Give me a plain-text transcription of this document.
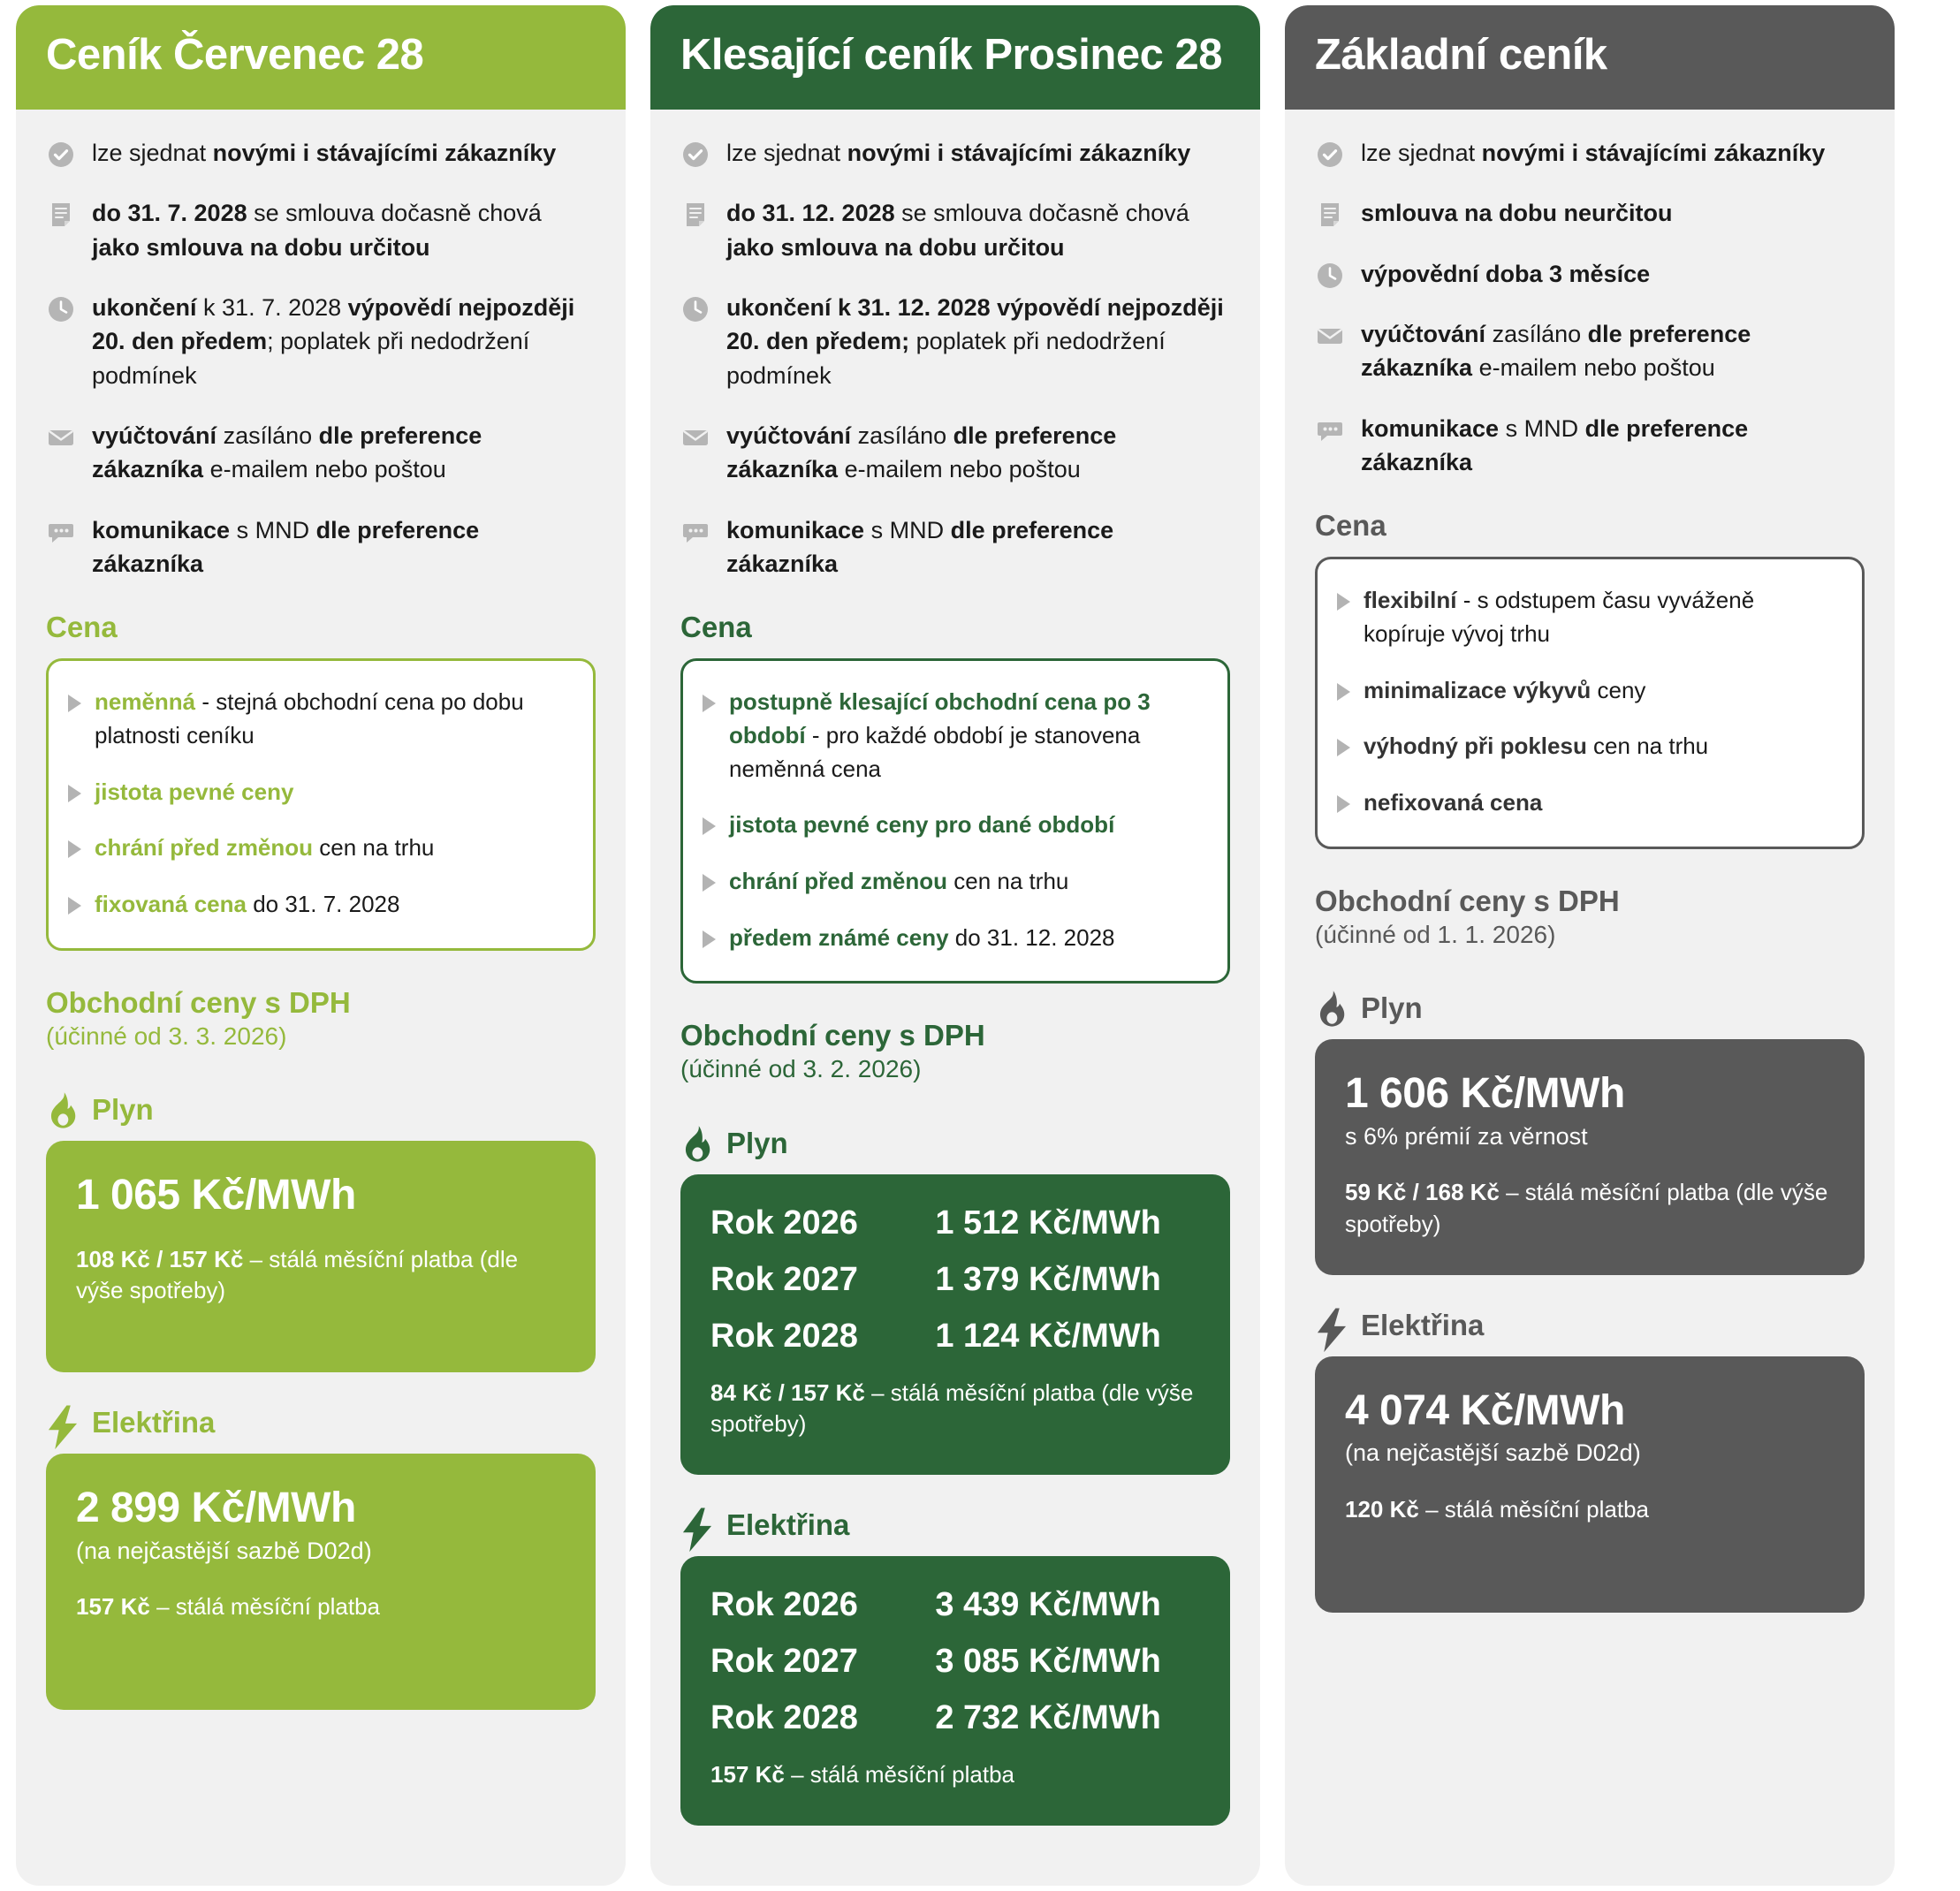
Ceník Červenec 28
lze sjednat novými i stávajícími zákazníky
do 31. 7. 2028 se smlouva dočasně chová jako smlouva na dobu určitou
ukončení k 31. 7. 2028 výpovědí nejpozději 20. den předem; poplatek při nedodržení podmínek
vyúčtování zasíláno dle preference zákazníka e-mailem nebo poštou
komunikace s MND dle preference zákazníka
Cena
neměnná - stejná obchodní cena po dobu platnosti ceníku
jistota pevné ceny
chrání před změnou cen na trhu
fixovaná cena do 31. 7. 2028
Obchodní ceny s DPH
(účinné od 3. 3. 2026)
Plyn
1 065 Kč/MWh
108 Kč / 157 Kč – stálá měsíční platba (dle výše spotřeby)
Elektřina
2 899 Kč/MWh
(na nejčastější sazbě D02d)
157 Kč – stálá měsíční platba
Klesající ceník Prosinec 28
lze sjednat novými i stávajícími zákazníky
do 31. 12. 2028 se smlouva dočasně chová jako smlouva na dobu určitou
ukončení k 31. 12. 2028 výpovědí nejpozději 20. den předem; poplatek při nedodržení podmínek
vyúčtování zasíláno dle preference zákazníka e-mailem nebo poštou
komunikace s MND dle preference zákazníka
Cena
postupně klesající obchodní cena po 3 období - pro každé období je stanovena neměnná cena
jistota pevné ceny pro dané období
chrání před změnou cen na trhu
předem známé ceny do 31. 12. 2028
Obchodní ceny s DPH
(účinné od 3. 2. 2026)
Plyn
Rok 2026	1 512 Kč/MWh
Rok 2027	1 379 Kč/MWh
Rok 2028	1 124 Kč/MWh
84 Kč / 157 Kč – stálá měsíční platba (dle výše spotřeby)
Elektřina
Rok 2026	3 439 Kč/MWh
Rok 2027	3 085 Kč/MWh
Rok 2028	2 732 Kč/MWh
157 Kč – stálá měsíční platba
Základní ceník
lze sjednat novými i stávajícími zákazníky
smlouva na dobu neurčitou
výpovědní doba 3 měsíce
vyúčtování zasíláno dle preference zákazníka e-mailem nebo poštou
komunikace s MND dle preference zákazníka
Cena
flexibilní - s odstupem času vyváženě kopíruje vývoj trhu
minimalizace výkyvů ceny
výhodný při poklesu cen na trhu
nefixovaná cena
Obchodní ceny s DPH
(účinné od 1. 1. 2026)
Plyn
1 606 Kč/MWh
s 6% prémií za věrnost
59 Kč / 168 Kč – stálá měsíční platba (dle výše spotřeby)
Elektřina
4 074 Kč/MWh
(na nejčastější sazbě D02d)
120 Kč – stálá měsíční platba
